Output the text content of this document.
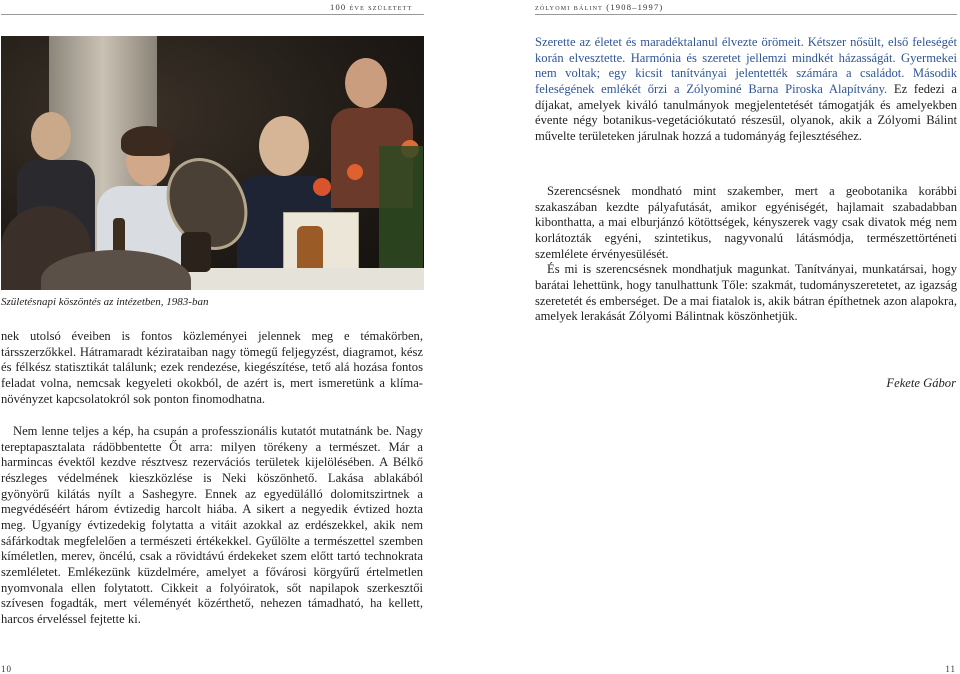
100 éve született	zólyomi bálint (1908–1997)
Születésnapi köszöntés az intézetben, 1983-ban

nek utolsó éveiben is fontos közleményei jelennek meg e témakörben, társszerzőkkel. Hátramaradt kézirataiban nagy tömegű feljegyzést, diagramot, kész és félkész statisztikát találunk; ezek rendezése, kiegészítése, tető alá hozása fontos feladat volna, nemcsak kegyeleti okokból, de azért is, mert ismeretünk a klíma-növényzet kapcsolatokról sok ponton finomodhatna.

Nem lenne teljes a kép, ha csupán a professzionális kutatót mutatnánk be. Nagy tereptapasztalata rádöbbentette Őt arra: milyen törékeny a természet. Már a harmincas évektől kezdve résztvesz rezervációs területek kijelölésében. A Bélkő részleges védelmének kieszközlése is Neki köszönhető. Lakása ablakából gyönyörű kilátás nyílt a Sashegyre. Ennek az egyedülálló dolomitszirtnek a megvédéséért három évtizedig harcolt hiába. A sikert a negyedik évtized hozta meg. Ugyanígy évtizedekig folytatta a vitáit azokkal az erdészekkel, akik nem sáfárkodtak megfelelően a természeti értékekkel. Gyűlölte a természettel szemben kíméletlen, merev, öncélú, csak a rövidtávú érdekeket szem előtt tartó technokrata szemléletet. Emlékezünk küzdelmére, amelyet a fővárosi körgyűrű értelmetlen nyomvonala ellen folytatott. Cikkeit a folyóiratok, sőt napilapok szerkesztői szívesen fogadták, mert véleményét közérthető, nehezen támadható, ha kellett, harcos érveléssel fejtette ki.

Szerette az életet és maradéktalanul élvezte örömeit. Kétszer nősült, első feleségét korán elvesztette. Harmónia és szeretet jellemzi mindkét házasságát. Gyermekei nem voltak; egy kicsit tanítványai jelentették számára a családot. Második feleségének emlékét őrzi a Zólyominé Barna Piroska Alapítvány. Ez fedezi a díjakat, amelyek kiváló tanulmányok megjelentetését támogatják és amelyekben évente négy botanikus-vegetációkutató részesül, olyanok, akik a Zólyomi Bálint művelte területeken járulnak hozzá a tudományág fejlesztéséhez.

Szerencsésnek mondható mint szakember, mert a geobotanika korábbi szakaszában kezdte pályafutását, amikor egyéniségét, hajlamait szabadabban kibonthatta, a mai elburjánzó kötöttségek, kényszerek vagy csak divatok még nem korlátozták egyéni, szintetikus, nagyvonalú látásmódja, természettörténeti szemlélete érvényesülését.

És mi is szerencsésnek mondhatjuk magunkat. Tanítványai, munkatársai, hogy barátai lehettünk, hogy tanulhattunk Tőle: szakmát, tudományszeretetet, az igazság szeretetét és emberséget. De a mai fiatalok is, akik bátran építhetnek azon alapokra, amelyek lerakását Zólyomi Bálintnak köszönhetjük.

Fekete Gábor
10	11
